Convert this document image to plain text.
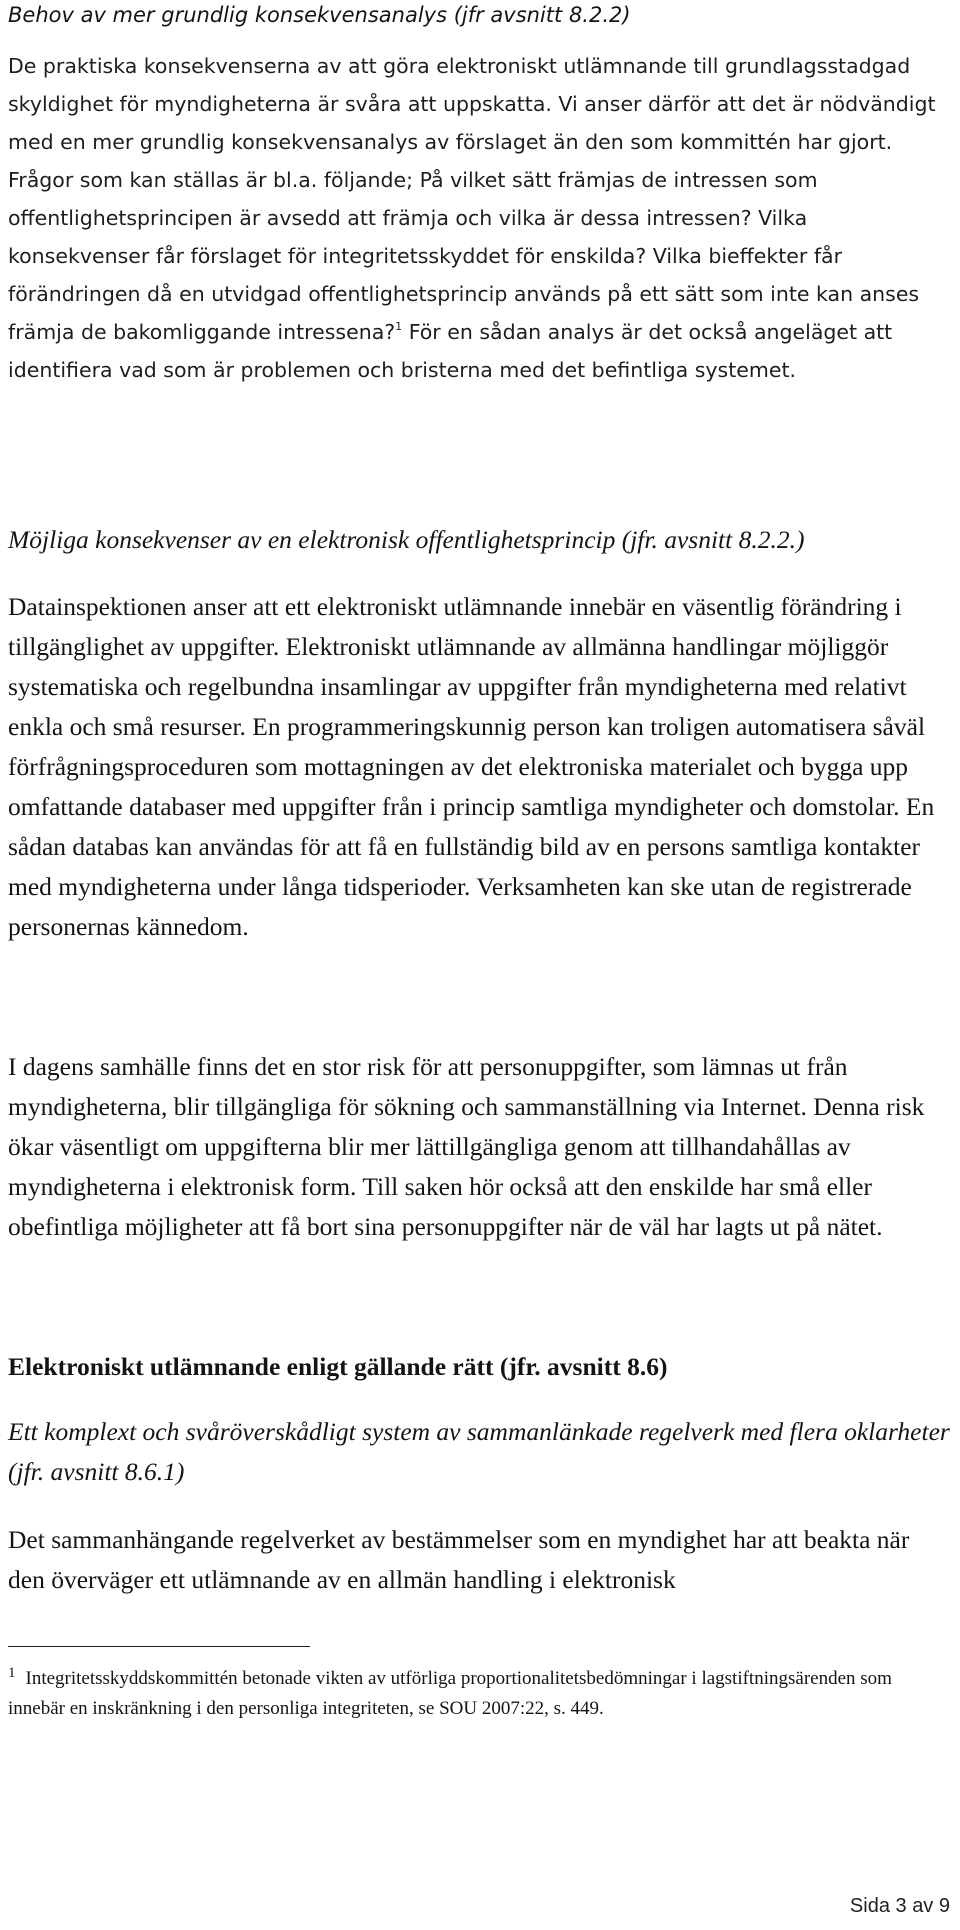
Behov av mer grundlig konsekvensanalys (jfr avsnitt 8.2.2)

De praktiska konsekvenserna av att göra elektroniskt utlämnande till grundlagsstadgad skyldighet för myndigheterna är svåra att uppskatta. Vi anser därför att det är nödvändigt med en mer grundlig konsekvensanalys av förslaget än den som kommittén har gjort. Frågor som kan ställas är bl.a. följande; På vilket sätt främjas de intressen som offentlighetsprincipen är avsedd att främja och vilka är dessa intressen? Vilka konsekvenser får förslaget för integritetsskyddet för enskilda? Vilka bieffekter får förändringen då en utvidgad offentlighetsprincip används på ett sätt som inte kan anses främja de bakomliggande intressena?$^1$ För en sådan analys är det också angeläget att identifiera vad som är problemen och bristerna med det befintliga systemet.

Möjliga konsekvenser av en elektronisk offentlighetsprincip (jfr. avsnitt 8.2.2.)

Datainspektionen anser att ett elektroniskt utlämnande innebär en väsentlig förändring i tillgänglighet av uppgifter. Elektroniskt utlämnande av allmänna handlingar möjliggör systematiska och regelbundna insamlingar av uppgifter från myndigheterna med relativt enkla och små resurser. En programmeringskunnig person kan troligen automatisera såväl förfrågningsproceduren som mottagningen av det elektroniska materialet och bygga upp omfattande databaser med uppgifter från i princip samtliga myndigheter och domstolar. En sådan databas kan användas för att få en fullständig bild av en persons samtliga kontakter med myndigheterna under långa tidsperioder. Verksamheten kan ske utan de registrerade personernas kännedom.

I dagens samhälle finns det en stor risk för att personuppgifter, som lämnas ut från myndigheterna, blir tillgängliga för sökning och sammanställning via Internet. Denna risk ökar väsentligt om uppgifterna blir mer lättillgängliga genom att tillhandahållas av myndigheterna i elektronisk form. Till saken hör också att den enskilde har små eller obefintliga möjligheter att få bort sina personuppgifter när de väl har lagts ut på nätet.

Elektroniskt utlämnande enligt gällande rätt (jfr. avsnitt 8.6)
Ett komplext och svåröverskådligt system av sammanlänkade regelverk med flera oklarheter (jfr. avsnitt 8.6.1)

Det sammanhängande regelverket av bestämmelser som en myndighet har att beakta när den överväger ett utlämnande av en allmän handling i elektronisk

$^1$ Integritetsskyddskommittén betonade vikten av utförliga proportionalitetsbedömningar i lagstiftningsärenden som innebär en inskränkning i den personliga integriteten, se SOU 2007:22, s. 449.
Sida 3 av 9
